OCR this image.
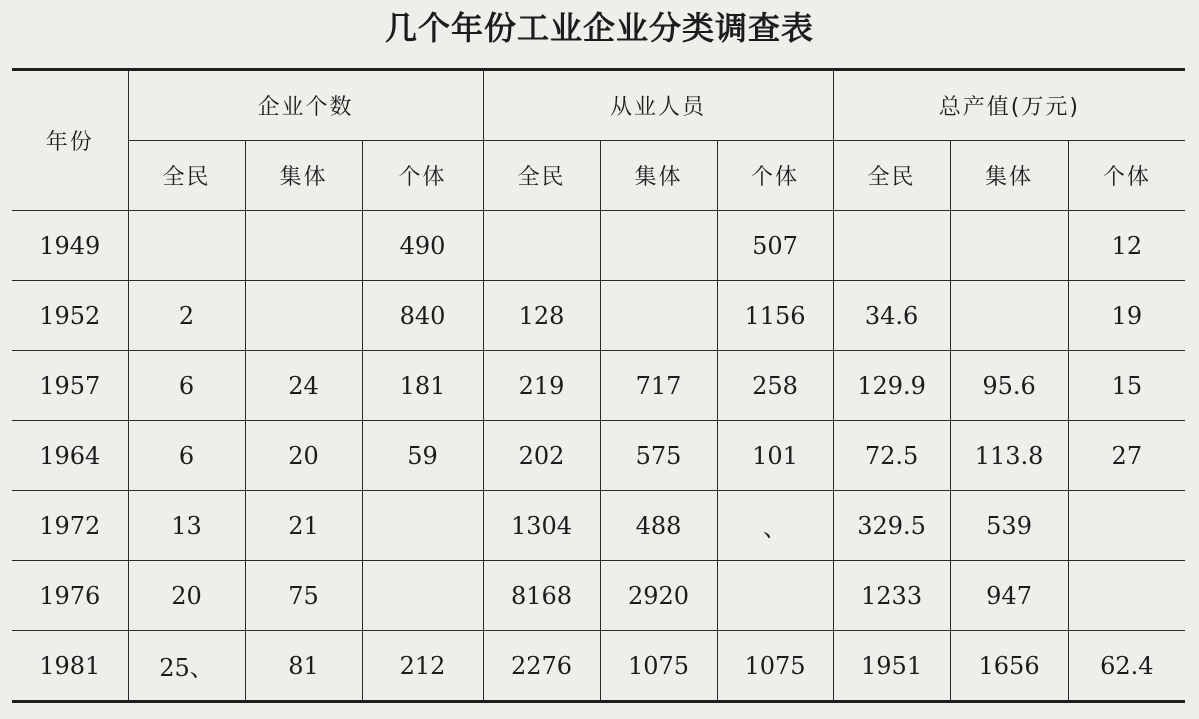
几个年份工业企业分类调查表
年份	企业个数			从业人员			总产值(万元)		
	全民	集体	个体	全民	集体	个体	全民	集体	个体
1949			490			507			12
1952	2		840	128		1156	34.6		19
1957	6	24	181	219	717	258	129.9	95.6	15
1964	6	20	59	202	575	101	72.5	113.8	27
1972	13	21		1304	488	、	329.5	539	
1976	20	75		8168	2920		1233	947	
1981	25、	81	212	2276	1075	1075	1951	1656	62.4
